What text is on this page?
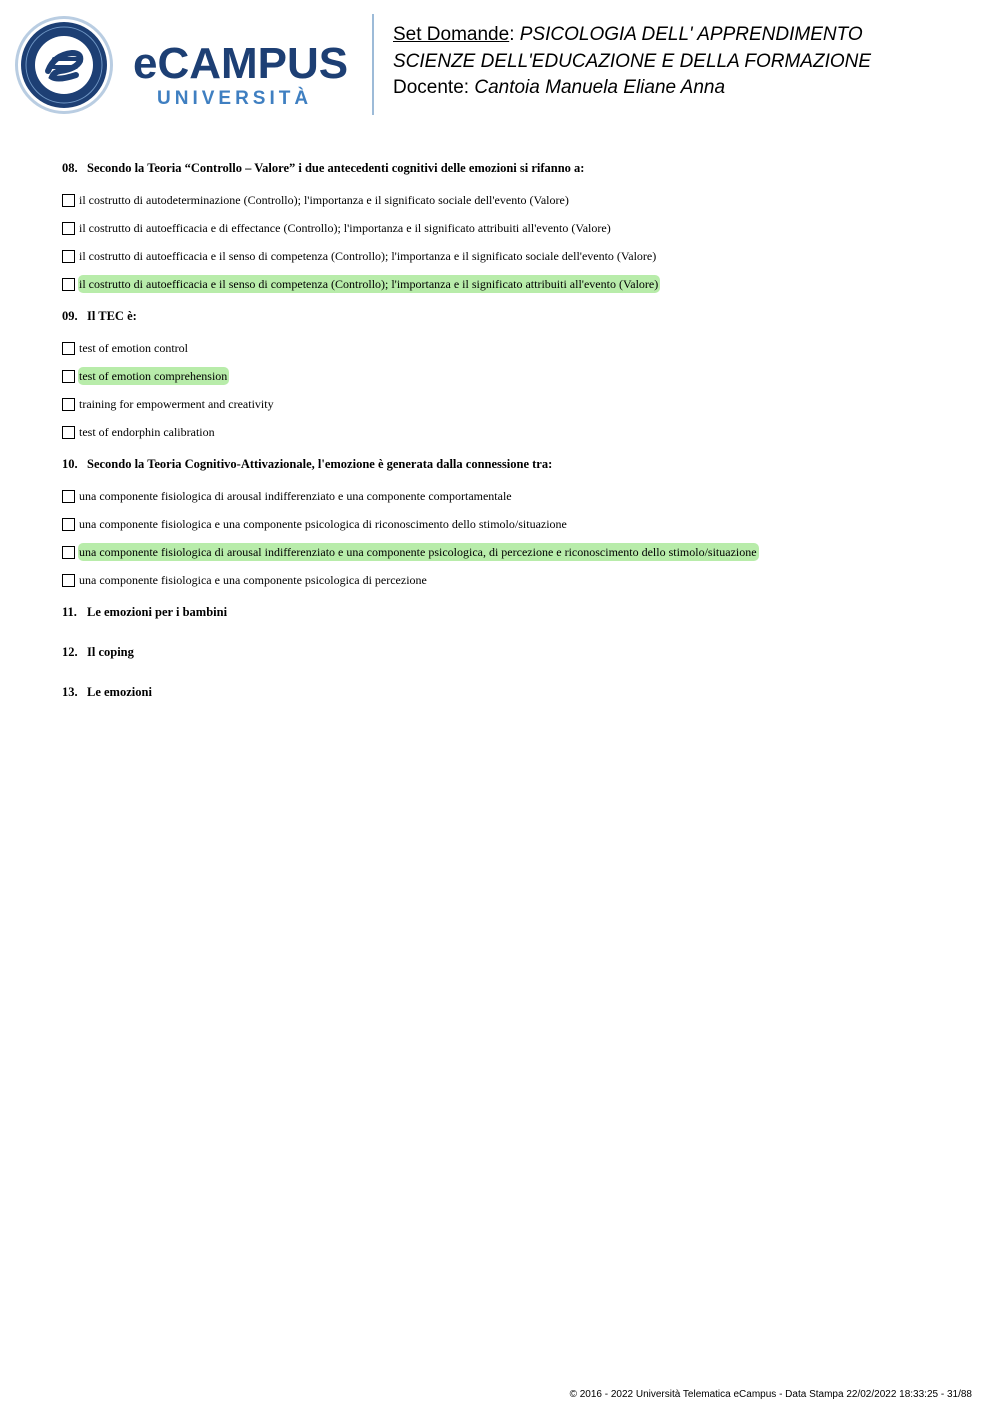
eCAMPUS
UNIVERSITÀ
Set Domande: PSICOLOGIA DELL' APPRENDIMENTO
SCIENZE DELL'EDUCAZIONE E DELLA FORMAZIONE
Docente: Cantoia Manuela Eliane Anna
08. Secondo la Teoria “Controllo – Valore” i due antecedenti cognitivi delle emozioni si rifanno a:
il costrutto di autodeterminazione (Controllo); l'importanza e il significato sociale dell'evento (Valore)
il costrutto di autoefficacia e di effectance (Controllo); l'importanza e il significato attribuiti all'evento (Valore)
il costrutto di autoefficacia e il senso di competenza (Controllo); l'importanza e il significato sociale dell'evento (Valore)
il costrutto di autoefficacia e il senso di competenza (Controllo); l'importanza e il significato attribuiti all'evento (Valore)
09. Il TEC è:
test of emotion control
test of emotion comprehension
training for empowerment and creativity
test of endorphin calibration
10. Secondo la Teoria Cognitivo-Attivazionale, l'emozione è generata dalla connessione tra:
una componente fisiologica di arousal indifferenziato e una componente comportamentale
una componente fisiologica e una componente psicologica di riconoscimento dello stimolo/situazione
una componente fisiologica di arousal indifferenziato e una componente psicologica, di percezione e riconoscimento dello stimolo/situazione
una componente fisiologica e una componente psicologica di percezione
11. Le emozioni per i bambini
12. Il coping
13. Le emozioni
© 2016 - 2022 Università Telematica eCampus - Data Stampa 22/02/2022 18:33:25 - 31/88
